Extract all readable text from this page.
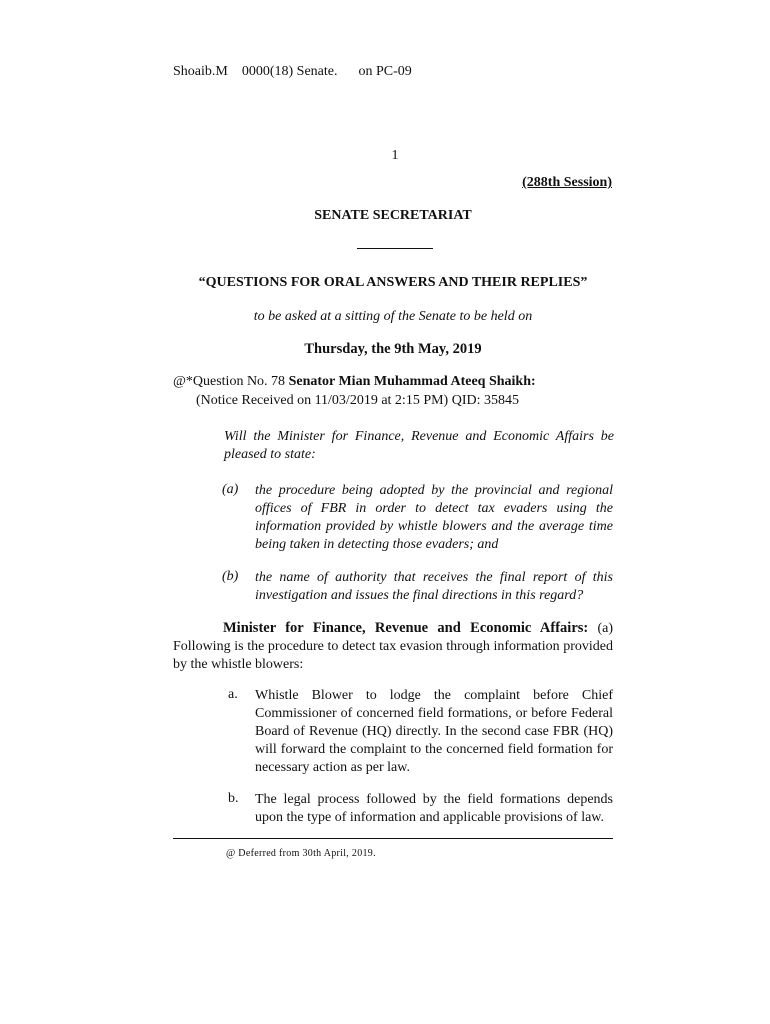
Shoaib.M    0000(18) Senate.      on PC-09
1
(288th Session)
SENATE SECRETARIAT
“QUESTIONS FOR ORAL ANSWERS AND THEIR REPLIES”
to be asked at a sitting of the Senate to be held on
Thursday, the 9th May, 2019
@*Question No. 78 Senator Mian Muhammad Ateeq Shaikh:
(Notice Received on 11/03/2019 at 2:15 PM) QID: 35845
Will the Minister for Finance, Revenue and Economic Affairs be pleased to state:
(a) the procedure being adopted by the provincial and regional offices of FBR in order to detect tax evaders using the information provided by whistle blowers and the average time being taken in detecting those evaders; and
(b) the name of authority that receives the final report of this investigation and issues the final directions in this regard?
Minister for Finance, Revenue and Economic Affairs: (a) Following is the procedure to detect tax evasion through information provided by the whistle blowers:
a. Whistle Blower to lodge the complaint before Chief Commissioner of concerned field formations, or before Federal Board of Revenue (HQ) directly. In the second case FBR (HQ) will forward the complaint to the concerned field formation for necessary action as per law.
b. The legal process followed by the field formations depends upon the type of information and applicable provisions of law.
@ Deferred from 30th April, 2019.
